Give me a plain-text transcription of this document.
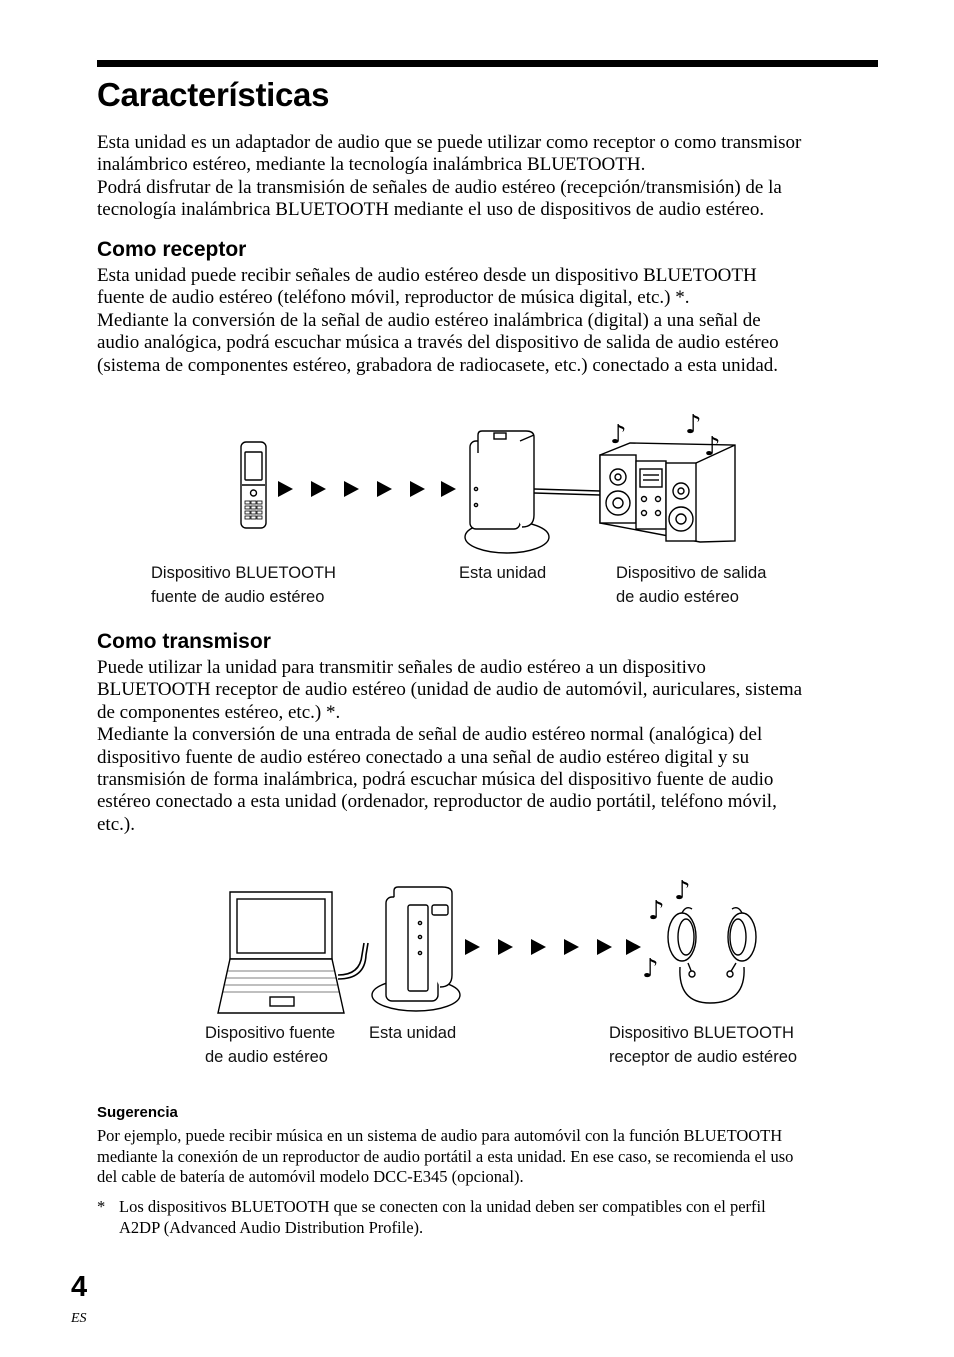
Características

Esta unidad es un adaptador de audio que se puede utilizar como receptor o como transmisor
inalámbrico estéreo, mediante la tecnología inalámbrica BLUETOOTH.
Podrá disfrutar de la transmisión de señales de audio estéreo (recepción/transmisión) de la
tecnología inalámbrica BLUETOOTH mediante el uso de dispositivos de audio estéreo.

Como receptor

Esta unidad puede recibir señales de audio estéreo desde un dispositivo BLUETOOTH
fuente de audio estéreo (teléfono móvil, reproductor de música digital, etc.) *.
Mediante la conversión de la señal de audio estéreo inalámbrica (digital) a una señal de
audio analógica, podrá escuchar música a través del dispositivo de salida de audio estéreo
(sistema de componentes estéreo, grabadora de radiocasete, etc.) conectado a esta unidad.

♪ ♪
♪

Dispositivo BLUETOOTH
fuente de audio estéreo

Esta unidad	Dispositivo de salida
de audio estéreo

Como transmisor

Puede utilizar la unidad para transmitir señales de audio estéreo a un dispositivo
BLUETOOTH receptor de audio estéreo (unidad de audio de automóvil, auriculares, sistema
de componentes estéreo, etc.) *.
Mediante la conversión de una entrada de señal de audio estéreo normal (analógica) del
dispositivo fuente de audio estéreo conectado a una señal de audio estéreo digital y su
transmisión de forma inalámbrica, podrá escuchar música del dispositivo fuente de audio
estéreo conectado a esta unidad (ordenador, reproductor de audio portátil, teléfono móvil,
etc.).

♪
♪
♪

Dispositivo fuente
de audio estéreo

Esta unidad	Dispositivo BLUETOOTH
receptor de audio estéreo

Sugerencia

Por ejemplo, puede recibir música en un sistema de audio para automóvil con la función BLUETOOTH
mediante la conexión de un reproductor de audio portátil a esta unidad. En ese caso, se recomienda el uso
del cable de batería de automóvil modelo DCC-E345 (opcional).

* Los dispositivos BLUETOOTH que se conecten con la unidad deben ser compatibles con el perfil
A2DP (Advanced Audio Distribution Profile).

4
ES
